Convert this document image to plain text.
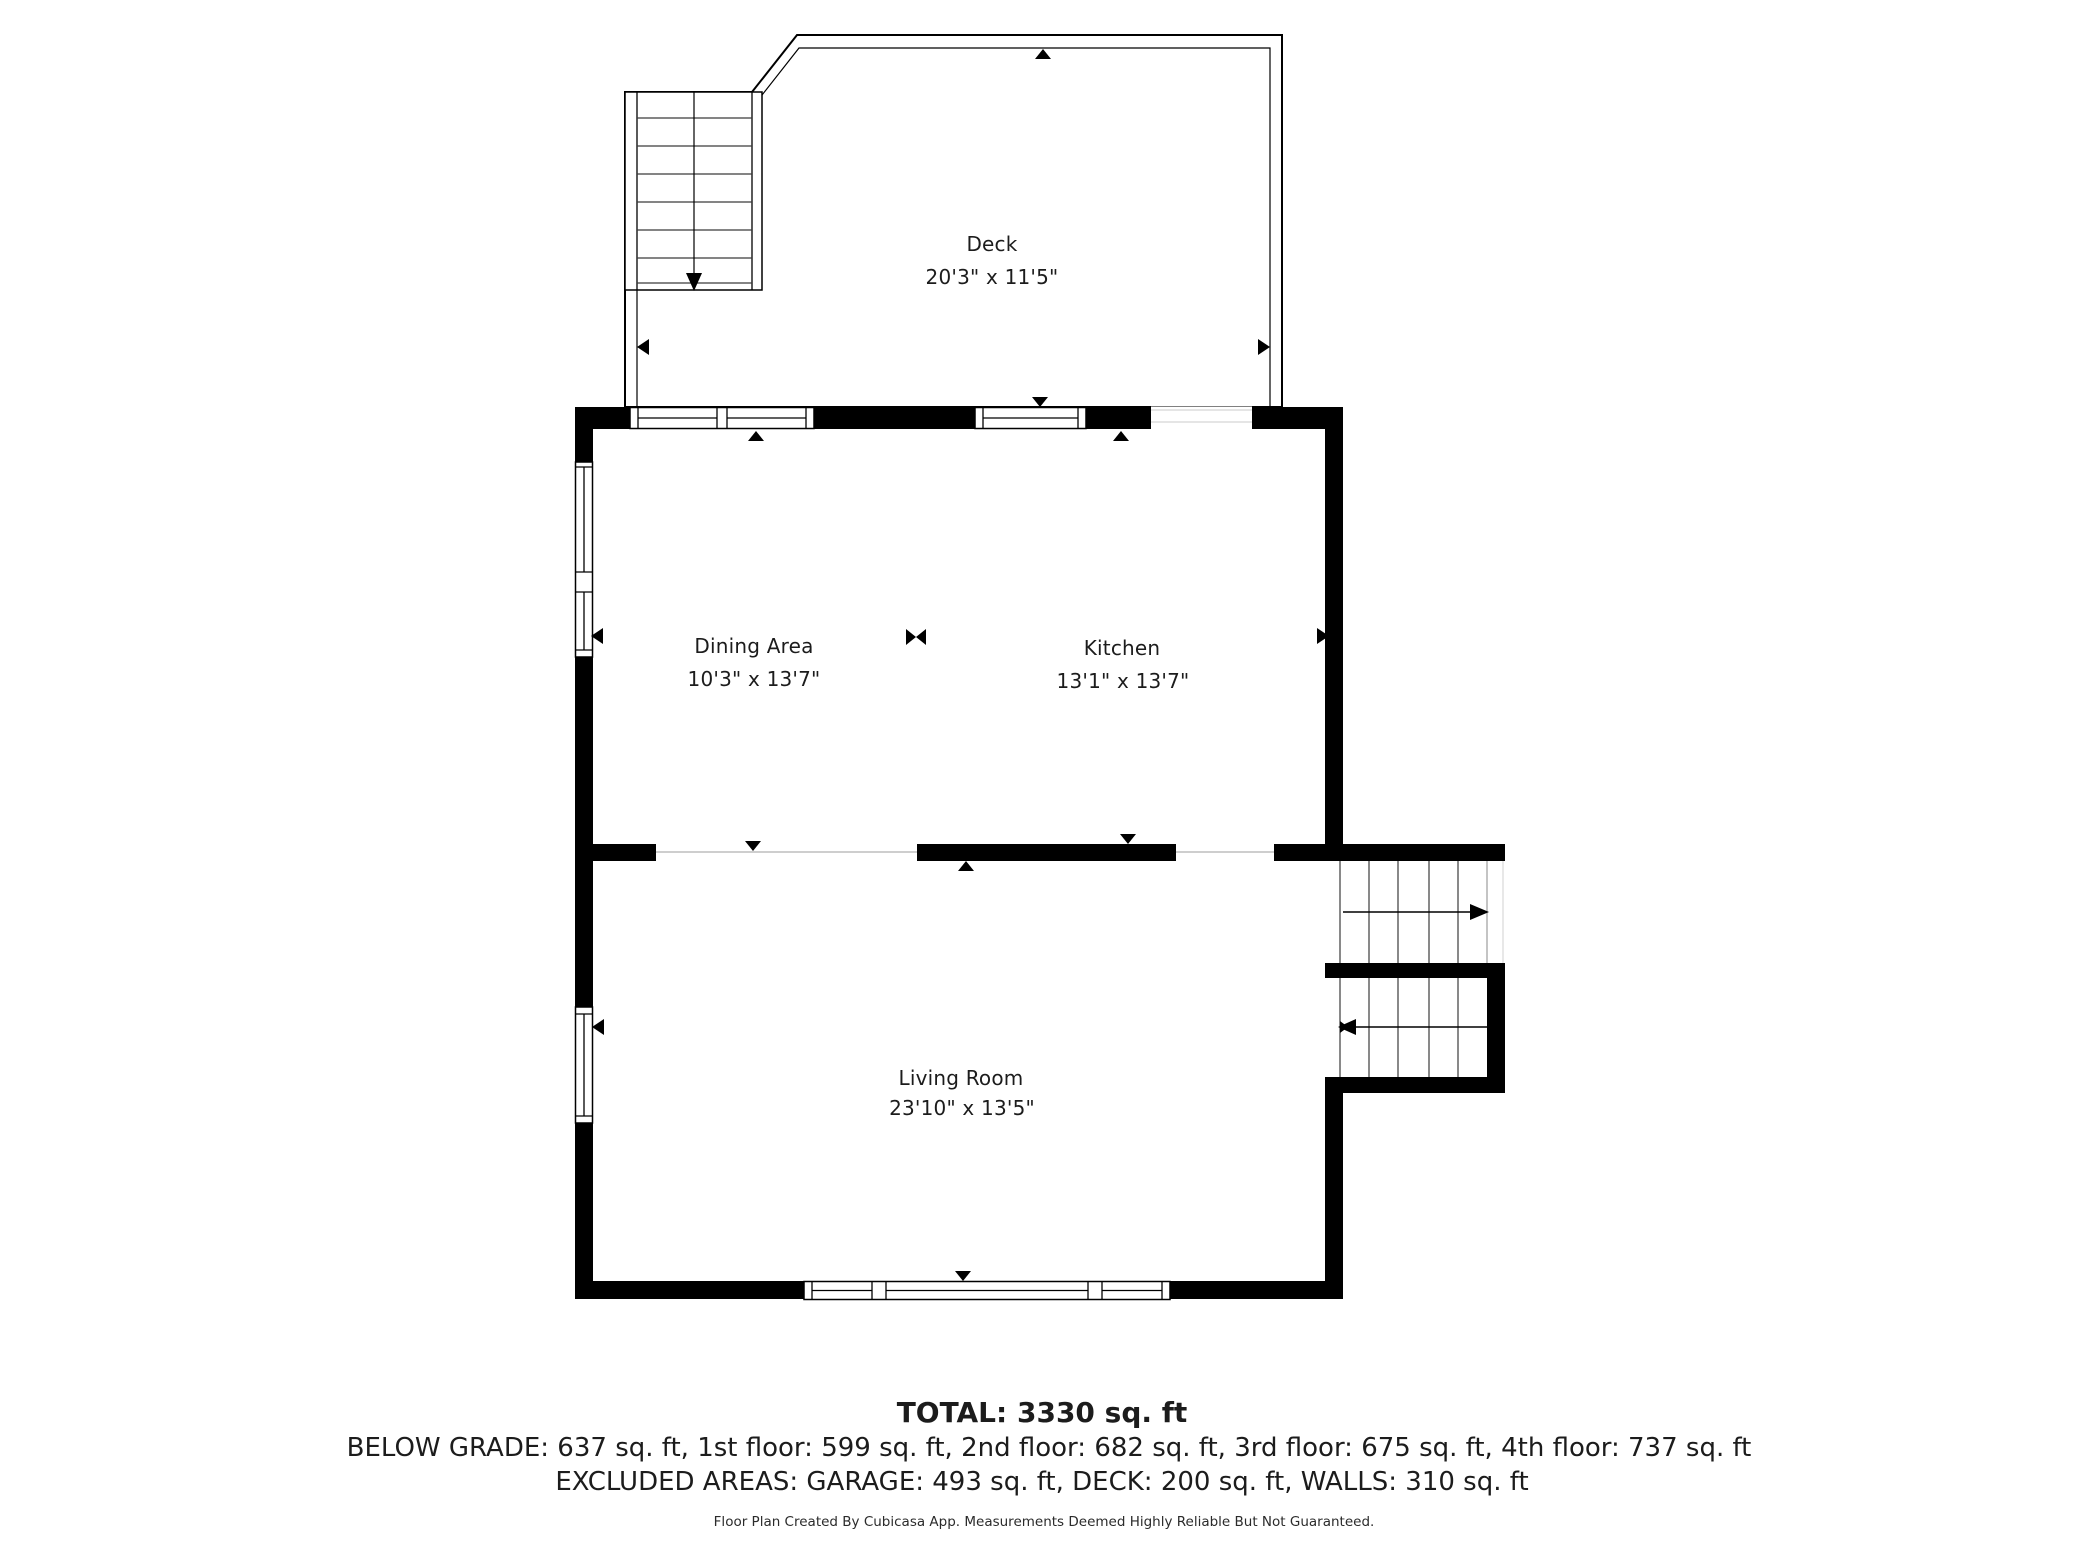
Deck
20'3" x 11'5"
Dining Area
10'3" x 13'7"
Kitchen
13'1" x 13'7"
Living Room
23'10" x 13'5"
TOTAL: 3330 sq. ft
BELOW GRADE: 637 sq. ft, 1st floor: 599 sq. ft, 2nd floor: 682 sq. ft, 3rd floor: 675 sq. ft, 4th floor: 737 sq. ft
EXCLUDED AREAS: GARAGE: 493 sq. ft, DECK: 200 sq. ft, WALLS: 310 sq. ft
Floor Plan Created By Cubicasa App. Measurements Deemed Highly Reliable But Not Guaranteed.
